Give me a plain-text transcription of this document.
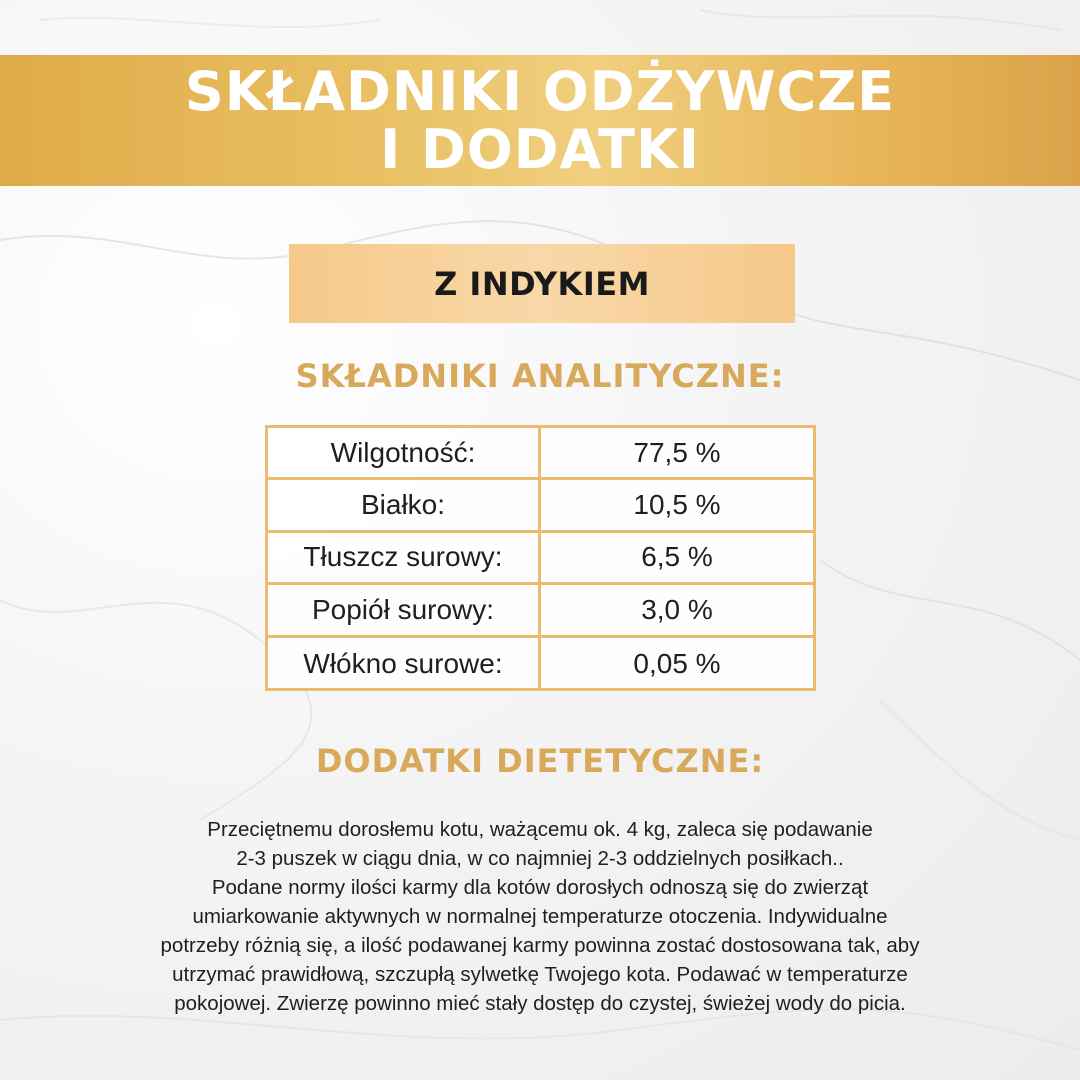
SKŁADNIKI ODŻYWCZE
I DODATKI
Z INDYKIEM
SKŁADNIKI ANALITYCZNE:
Wilgotność:	77,5 %
Białko:	10,5 %
Tłuszcz surowy:	6,5 %
Popiół surowy:	3,0 %
Włókno surowe:	0,05 %
DODATKI DIETETYCZNE:
Przeciętnemu dorosłemu kotu, ważącemu ok. 4 kg, zaleca się podawanie
2-3 puszek w ciągu dnia, w co najmniej 2-3 oddzielnych posiłkach..
Podane normy ilości karmy dla kotów dorosłych odnoszą się do zwierząt
umiarkowanie aktywnych w normalnej temperaturze otoczenia. Indywidualne
potrzeby różnią się, a ilość podawanej karmy powinna zostać dostosowana tak, aby
utrzymać prawidłową, szczupłą sylwetkę Twojego kota. Podawać w temperaturze
pokojowej. Zwierzę powinno mieć stały dostęp do czystej, świeżej wody do picia.
